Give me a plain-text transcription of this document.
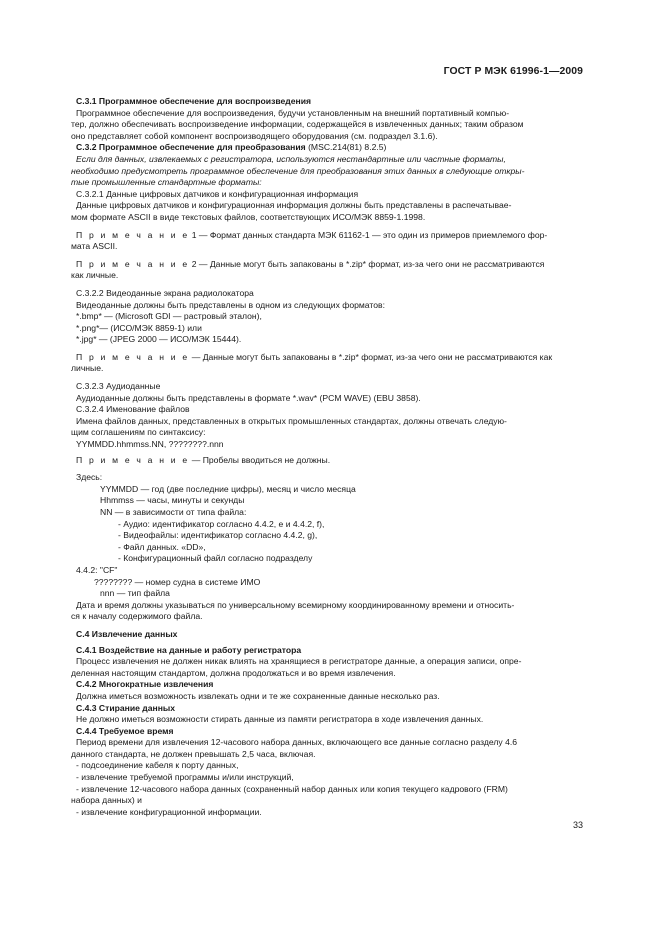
ГОСТ Р МЭК 61996-1—2009

С.3.1 Программное обеспечение для воспроизведения

Программное обеспечение для воспроизведения, будучи установленным на внешний портативный компью-

тер, должно обеспечивать воспроизведение информации, содержащейся в извлеченных данных; таким образом

оно представляет собой компонент воспроизводящего оборудования (см. подраздел 3.1.6).

С.3.2 Программное обеспечение для преобразования (MSC.214(81) 8.2.5)

Если для данных, извлекаемых с регистратора, используются нестандартные или частные форматы,

необходимо предусмотреть программное обеспечение для преобразования этих данных в следующие откры-

тые промышленные стандартные форматы:

С.3.2.1 Данные цифровых датчиков и конфигурационная информация

Данные цифровых датчиков и конфигурационная информация должны быть представлены в распечатывае-

мом формате ASCII в виде текстовых файлов, соответствующих ИСО/МЭК 8859-1.1998.

П р и м е ч а н и е 1 — Формат данных стандарта МЭК 61162-1 — это один из примеров приемлемого фор-

мата ASCII.

П р и м е ч а н и е 2 — Данные могут быть запакованы в *.zip* формат, из-за чего они не рассматриваются

как личные.

С.3.2.2 Видеоданные экрана радиолокатора

Видеоданные должны быть представлены в одном из следующих форматов:

*.bmp* — (Microsoft GDI — растровый эталон),

*.png*— (ИСО/МЭК 8859-1) или

*.jpg* — (JPEG 2000 — ИСО/МЭК 15444).

П р и м е ч а н и е — Данные могут быть запакованы в *.zip* формат, из-за чего они не рассматриваются как

личные.

С.3.2.3 Аудиоданные

Аудиоданные должны быть представлены в формате *.wav* (PCM WAVE) (EBU 3858).

С.3.2.4 Именование файлов

Имена файлов данных, представленных в открытых промышленных стандартах, должны отвечать следую-

щим соглашениям по синтаксису:

YYMMDD.hhmmss.NN, ????????.nnn

П р и м е ч а н и е — Пробелы вводиться не должны.

Здесь:

YYMMDD — год (две последние цифры), месяц и число месяца

Hhmmss — часы, минуты и секунды

NN — в зависимости от типа файла:

- Аудио: идентификатор согласно 4.4.2, е и 4.4.2, f),

- Видеофайлы: идентификатор согласно 4.4.2, g),

- Файл данных. «DD»,

- Конфигурационный файл согласно подразделу

4.4.2: "CF"

???????? — номер судна в системе ИМО

nnn — тип файла

Дата и время должны указываться по универсальному всемирному координированному времени и относить-

ся к началу содержимого файла.

С.4 Извлечение данных

С.4.1 Воздействие на данные и работу регистратора

Процесс извлечения не должен никак влиять на хранящиеся в регистраторе данные, а операция записи, опре-

деленная настоящим стандартом, должна продолжаться и во время извлечения.

С.4.2 Многократные извлечения

Должна иметься возможность извлекать одни и те же сохраненные данные несколько раз.

С.4.3 Стирание данных

Не должно иметься возможности стирать данные из памяти регистратора в ходе извлечения данных.

С.4.4 Требуемое время

Период времени для извлечения 12-часового набора данных, включающего все данные согласно разделу 4.6

данного стандарта, не должен превышать 2,5 часа, включая.

- подсоединение кабеля к порту данных,

- извлечение требуемой программы и/или инструкций,

- извлечение 12-часового набора данных (сохраненный набор данных или копия текущего кадрового (FRM)

набора данных) и

- извлечение конфигурационной информации.

33
